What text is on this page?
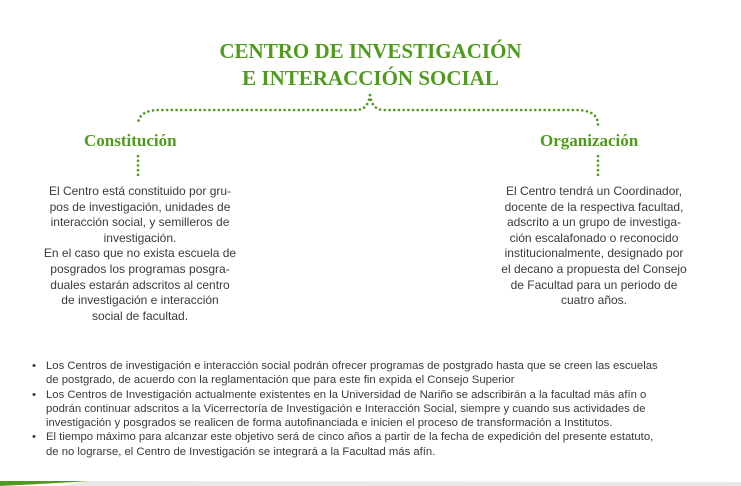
CENTRO DE INVESTIGACIÓN
E INTERACCIÓN SOCIAL
Constitución
El Centro está constituido por gru-
pos de investigación, unidades de
interacción social, y semilleros de
investigación.
En el caso que no exista escuela de
posgrados los programas posgra-
duales estarán adscritos al centro
de investigación e interacción
social de facultad.
Organización
El Centro tendrá un Coordinador,
docente de la respectiva facultad,
adscrito a un grupo de investiga-
ción escalafonado o reconocido
institucionalmente, designado por
el decano a propuesta del Consejo
de Facultad para un periodo de
cuatro años.
• Los Centros de investigación e interacción social podrán ofrecer programas de postgrado hasta que se creen las escuelas
de postgrado, de acuerdo con la reglamentación que para este fin expida el Consejo Superior
• Los Centros de Investigación actualmente existentes en la Universidad de Nariño se adscribirán a la facultad más afín o
podrán continuar adscritos a la Vicerrectoría de Investigación e Interacción Social, siempre y cuando sus actividades de
investigación y posgrados se realicen de forma autofinanciada e inicien el proceso de transformación a Institutos.
• El tiempo máximo para alcanzar este objetivo será de cinco años a partir de la fecha de expedición del presente estatuto,
de no lograrse, el Centro de Investigación se integrará a la Facultad más afín.
